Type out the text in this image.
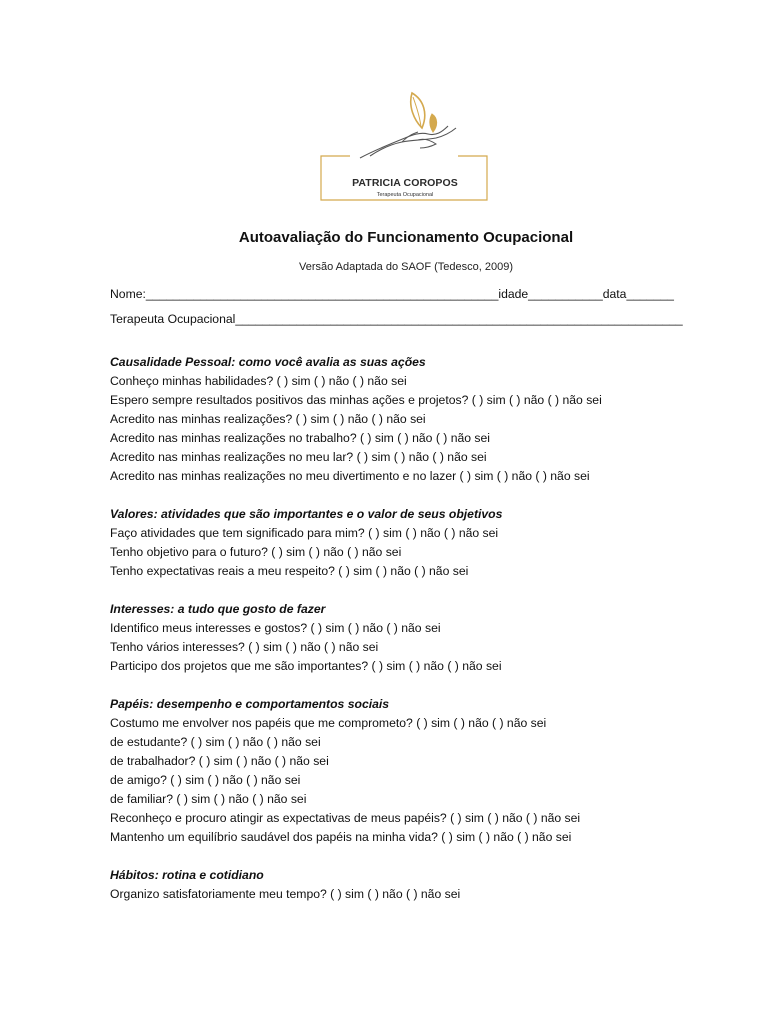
PATRICIA COROPOS
Terapeuta Ocupacional
Autoavaliação do Funcionamento Ocupacional
Versão Adaptada do SAOF (Tedesco, 2009)
Nome:____________________________________________________idade___________data_______
Terapeuta Ocupacional__________________________________________________________________
Causalidade Pessoal: como você avalia as suas ações
Conheço minhas habilidades? ( ) sim ( ) não ( ) não sei
Espero sempre resultados positivos das minhas ações e projetos? ( ) sim ( ) não ( ) não sei
Acredito nas minhas realizações? ( ) sim ( ) não ( ) não sei
Acredito nas minhas realizações no trabalho? ( ) sim ( ) não ( ) não sei
Acredito nas minhas realizações no meu lar? ( ) sim ( ) não ( ) não sei
Acredito nas minhas realizações no meu divertimento e no lazer ( ) sim ( ) não ( ) não sei
Valores: atividades que são importantes e o valor de seus objetivos
Faço atividades que tem significado para mim? ( ) sim ( ) não ( ) não sei
Tenho objetivo para o futuro? ( ) sim ( ) não ( ) não sei
Tenho expectativas reais a meu respeito? ( ) sim ( ) não ( ) não sei
Interesses: a tudo que gosto de fazer
Identifico meus interesses e gostos? ( ) sim ( ) não ( ) não sei
Tenho vários interesses? ( ) sim ( ) não ( ) não sei
Participo dos projetos que me são importantes? ( ) sim ( ) não ( ) não sei
Papéis: desempenho e comportamentos sociais
Costumo me envolver nos papéis que me comprometo? ( ) sim ( ) não ( ) não sei
de estudante? ( ) sim ( ) não ( ) não sei
de trabalhador? ( ) sim ( ) não ( ) não sei
de amigo? ( ) sim ( ) não ( ) não sei
de familiar? ( ) sim ( ) não ( ) não sei
Reconheço e procuro atingir as expectativas de meus papéis? ( ) sim ( ) não ( ) não sei
Mantenho um equilíbrio saudável dos papéis na minha vida? ( ) sim ( ) não ( ) não sei
Hábitos: rotina e cotidiano
Organizo satisfatoriamente meu tempo? ( ) sim ( ) não ( ) não sei
